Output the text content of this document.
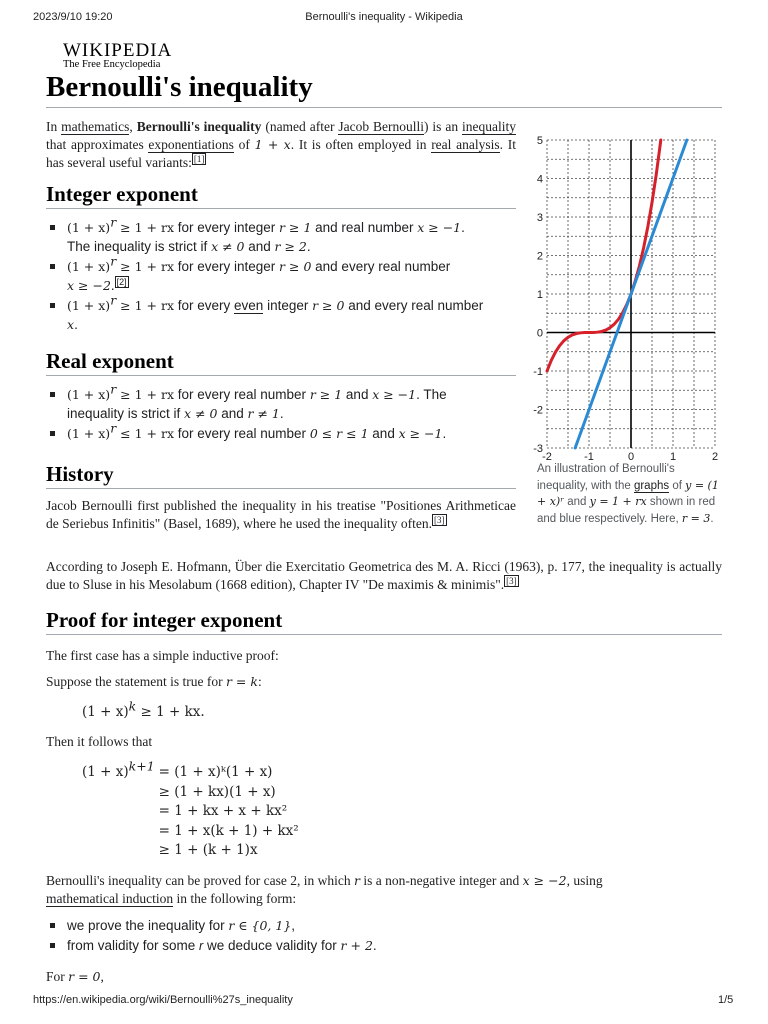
2023/9/10 19:20	Bernoulli's inequality - Wikipedia
WIKIPEDIA
The Free Encyclopedia
Bernoulli's inequality

In mathematics, Bernoulli's inequality (named after Jacob Bernoulli) is an inequality that approximates exponentiations of 1 + x. It is often employed in real analysis. It has several useful variants: [1]

Integer exponent
$(1 + x)^r \ge 1$ + rx for every integer r ≥ 1 and real number x ≥ −1.
The inequality is strict if x ≠ 0 and r ≥ 2.
$(1 + x)^r \ge 1$ + rx for every integer r ≥ 0 and every real number
x ≥ −2. [2]
$(1 + x)^r \ge 1$ + rx for every even integer r ≥ 0 and every real number
x.
Real exponent
$(1 + x)^r \ge 1$ + rx for every real number r ≥ 1 and x ≥ −1. The
inequality is strict if x ≠ 0 and r ≠ 1.
$(1 + x)^r \le 1$ + rx for every real number 0 ≤ r ≤ 1 and x ≥ −1.
History

Jacob Bernoulli first published the inequality in his treatise "Positiones Arithmeticae de Seriebus Infinitis" (Basel, 1689), where he used the inequality often. [3]

According to Joseph E. Hofmann, Über die Exercitatio Geometrica des M. A. Ricci (1963), p. 177, the inequality is actually due to Sluse in his Mesolabum (1668 edition), Chapter IV "De maximis & minimis". [3]

Proof for integer exponent

The first case has a simple inductive proof:

Suppose the statement is true for r = k:

$(1 + x)^k \ge 1$ + kx.

Then it follows that

$(1 + x)^{k+1} = (1$ + x)ᵏ(1 + x)
≥ (1 + kx)(1 + x)
= 1 + kx + x + kx²
= 1 + x(k + 1) + kx²
≥ 1 + (k + 1)x

Bernoulli's inequality can be proved for case 2, in which r is a non-negative integer and x ≥ −2, using
mathematical induction in the following form:

we prove the inequality for r ∈ {0, 1},
from validity for some r we deduce validity for r + 2.

For r = 0,

-2	-1	0	1	2
-3
-2
-1
0
1
2
3
4
5
An illustration of Bernoulli's inequality, with the graphs of y = (1 + x)ʳ and y = 1 + rx shown in red and blue respectively. Here, r = 3.
https://en.wikipedia.org/wiki/Bernoulli%27s_inequality	1/5
